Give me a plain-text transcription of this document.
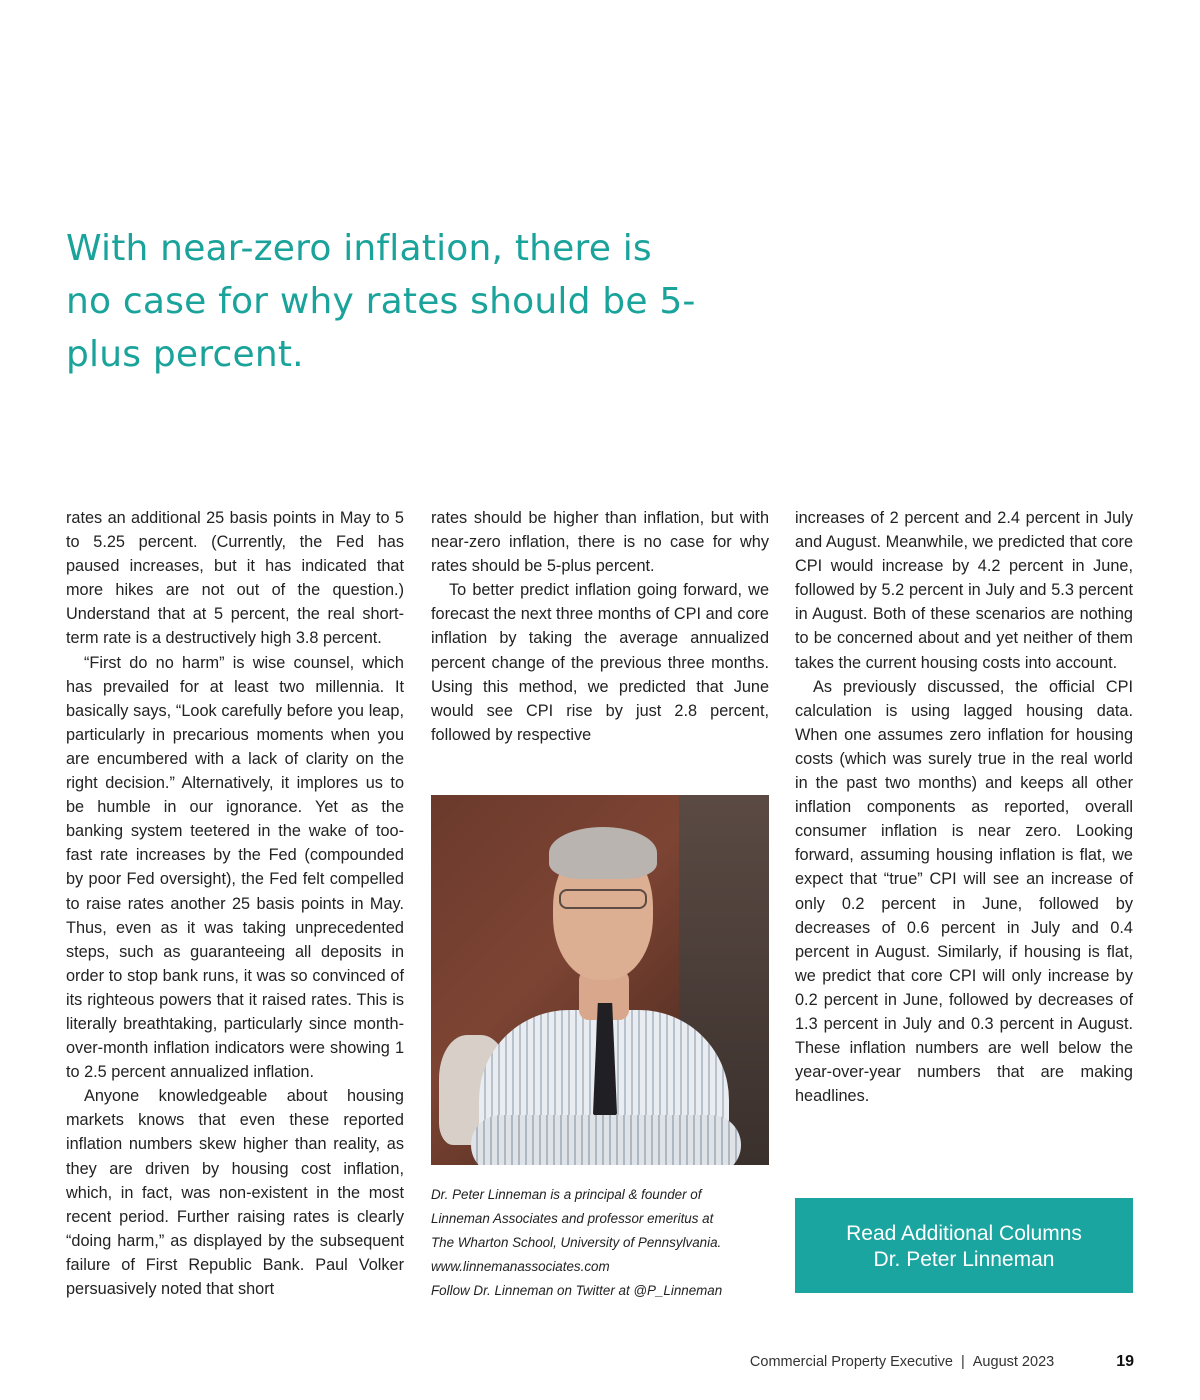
With near-zero inflation, there is no case for why rates should be 5-plus percent.

rates an additional 25 basis points in May to 5 to 5.25 percent. (Currently, the Fed has paused increases, but it has indicated that more hikes are not out of the question.) Understand that at 5 percent, the real short-term rate is a destructively high 3.8 percent.

“First do no harm” is wise counsel, which has prevailed for at least two millennia. It basically says, “Look carefully before you leap, particularly in precarious moments when you are encumbered with a lack of clarity on the right decision.” Alternatively, it implores us to be humble in our ignorance. Yet as the banking system teetered in the wake of too-fast rate increases by the Fed (compounded by poor Fed oversight), the Fed felt compelled to raise rates another 25 basis points in May. Thus, even as it was taking unprecedented steps, such as guaranteeing all deposits in order to stop bank runs, it was so convinced of its righteous powers that it raised rates. This is literally breathtaking, particularly since month-over-month inflation indicators were showing 1 to 2.5 percent annualized inflation.

Anyone knowledgeable about housing markets knows that even these reported inflation numbers skew higher than reality, as they are driven by housing cost inflation, which, in fact, was non-existent in the most recent period. Further raising rates is clearly “doing harm,” as displayed by the subsequent failure of First Republic Bank. Paul Volker persuasively noted that short

rates should be higher than inflation, but with near-zero inflation, there is no case for why rates should be 5-plus percent.

To better predict inflation going forward, we forecast the next three months of CPI and core inflation by taking the average annualized percent change of the previous three months. Using this method, we predicted that June would see CPI rise by just 2.8 percent, followed by respective

Dr. Peter Linneman is a principal & founder of
Linneman Associates and professor emeritus at
The Wharton School, University of Pennsylvania.
www.linnemanassociates.com
Follow Dr. Linneman on Twitter at @P_Linneman

increases of 2 percent and 2.4 percent in July and August. Meanwhile, we predicted that core CPI would increase by 4.2 percent in June, followed by 5.2 percent in July and 5.3 percent in August. Both of these scenarios are nothing to be concerned about and yet neither of them takes the current housing costs into account.

As previously discussed, the official CPI calculation is using lagged housing data. When one assumes zero inflation for housing costs (which was surely true in the real world in the past two months) and keeps all other inflation components as reported, overall consumer inflation is near zero. Looking forward, assuming housing inflation is flat, we expect that “true” CPI will see an increase of only 0.2 percent in June, followed by decreases of 0.6 percent in July and 0.4 percent in August. Similarly, if housing is flat, we predict that core CPI will only increase by 0.2 percent in June, followed by decreases of 1.3 percent in July and 0.3 percent in August. These inflation numbers are well below the year-over-year numbers that are making headlines.

Read Additional Columns
Dr. Peter Linneman
Commercial Property Executive | August 2023	19
